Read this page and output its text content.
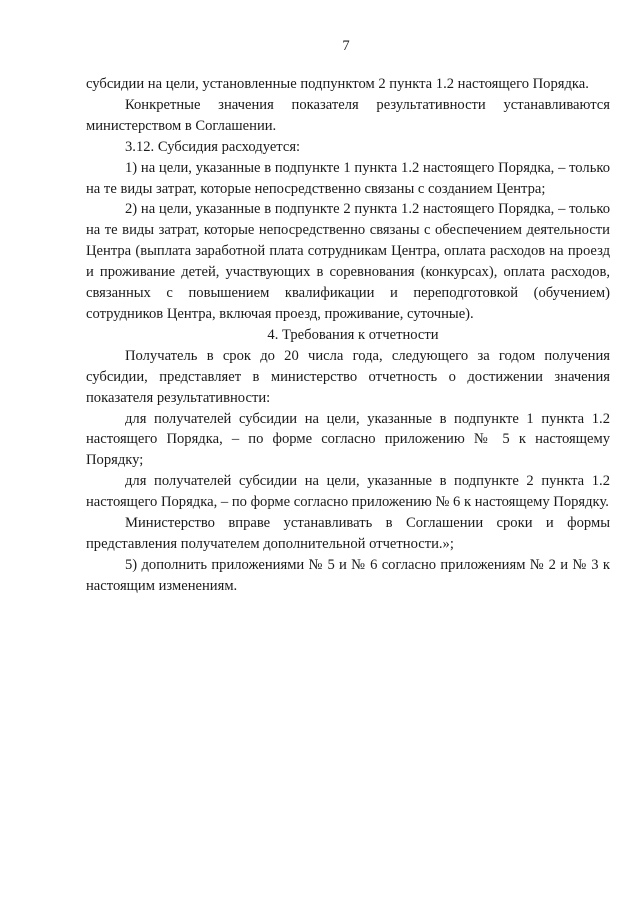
7

субсидии на цели, установленные подпунктом 2 пункта 1.2 настоящего Порядка.

Конкретные значения показателя результативности устанавливаются министерством в Соглашении.

3.12. Субсидия расходуется:

1) на цели, указанные в подпункте 1 пункта 1.2 настоящего Порядка, – только на те виды затрат, которые непосредственно связаны с созданием Центра;

2) на цели, указанные в подпункте 2 пункта 1.2 настоящего Порядка, – только на те виды затрат, которые непосредственно связаны с обеспечением деятельности Центра (выплата заработной плата сотрудникам Центра, оплата расходов на проезд и проживание детей, участвующих в соревнования (конкурсах), оплата расходов, связанных с повышением квалификации и переподготовкой (обучением) сотрудников Центра, включая проезд, проживание, суточные).

4. Требования к отчетности

Получатель в срок до 20 числа года, следующего за годом получения субсидии, представляет в министерство отчетность о достижении значения показателя результативности:

для получателей субсидии на цели, указанные в подпункте 1 пункта 1.2 настоящего Порядка, – по форме согласно приложению № 5 к настоящему Порядку;

для получателей субсидии на цели, указанные в подпункте 2 пункта 1.2 настоящего Порядка, – по форме согласно приложению № 6 к настоящему Порядку.

Министерство вправе устанавливать в Соглашении сроки и формы представления получателем дополнительной отчетности.»;

5) дополнить приложениями № 5 и № 6 согласно приложениям № 2 и № 3 к настоящим изменениям.
